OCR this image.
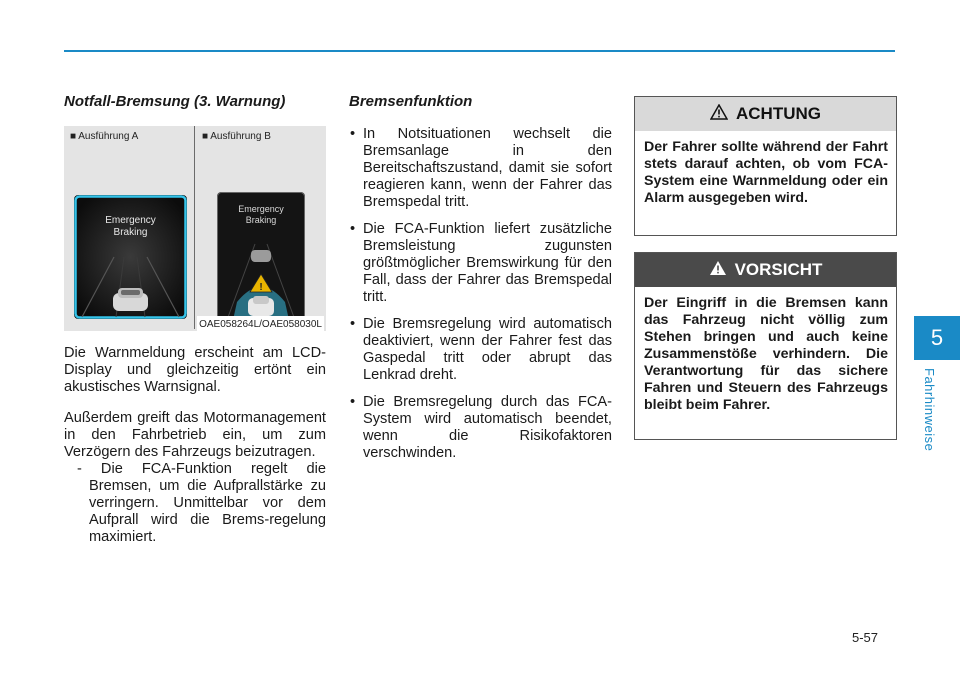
Notfall-Bremsung (3. Warnung)

■ Ausführung A	■ Ausführung B
Emergency
Braking
!
Emergency
Braking
OAE058264L/OAE058030L

Die Warnmeldung erscheint am LCD-Display und gleichzeitig ertönt ein akustisches Warnsignal.

Außerdem greift das Motormanagement in den Fahrbetrieb ein, um zum Verzögern des Fahrzeugs beizutragen.

- Die FCA-Funktion regelt die Bremsen, um die Aufprallstärke zu verringern. Unmittelbar vor dem Aufprall wird die Brems-regelung maximiert.

Bremsenfunktion

• In Notsituationen wechselt die Bremsanlage in den Bereitschaftszustand, damit sie sofort reagieren kann, wenn der Fahrer das Bremspedal tritt.

• Die FCA-Funktion liefert zusätzliche Bremsleistung zugunsten größtmöglicher Bremswirkung für den Fall, dass der Fahrer das Bremspedal tritt.

• Die Bremsregelung wird automatisch deaktiviert, wenn der Fahrer fest das Gaspedal tritt oder abrupt das Lenkrad dreht.

• Die Bremsregelung durch das FCA-System wird automatisch beendet, wenn die Risikofaktoren verschwinden.

ACHTUNG
Der Fahrer sollte während der Fahrt stets darauf achten, ob vom FCA-System eine Warnmeldung oder ein Alarm ausgegeben wird.
VORSICHT
Der Eingriff in die Bremsen kann das Fahrzeug nicht völlig zum Stehen bringen und auch keine Zusammenstöße verhindern. Die Verantwortung für das sichere Fahren und Steuern des Fahrzeugs bleibt beim Fahrer.
5
Fahrhinweise
5-57
